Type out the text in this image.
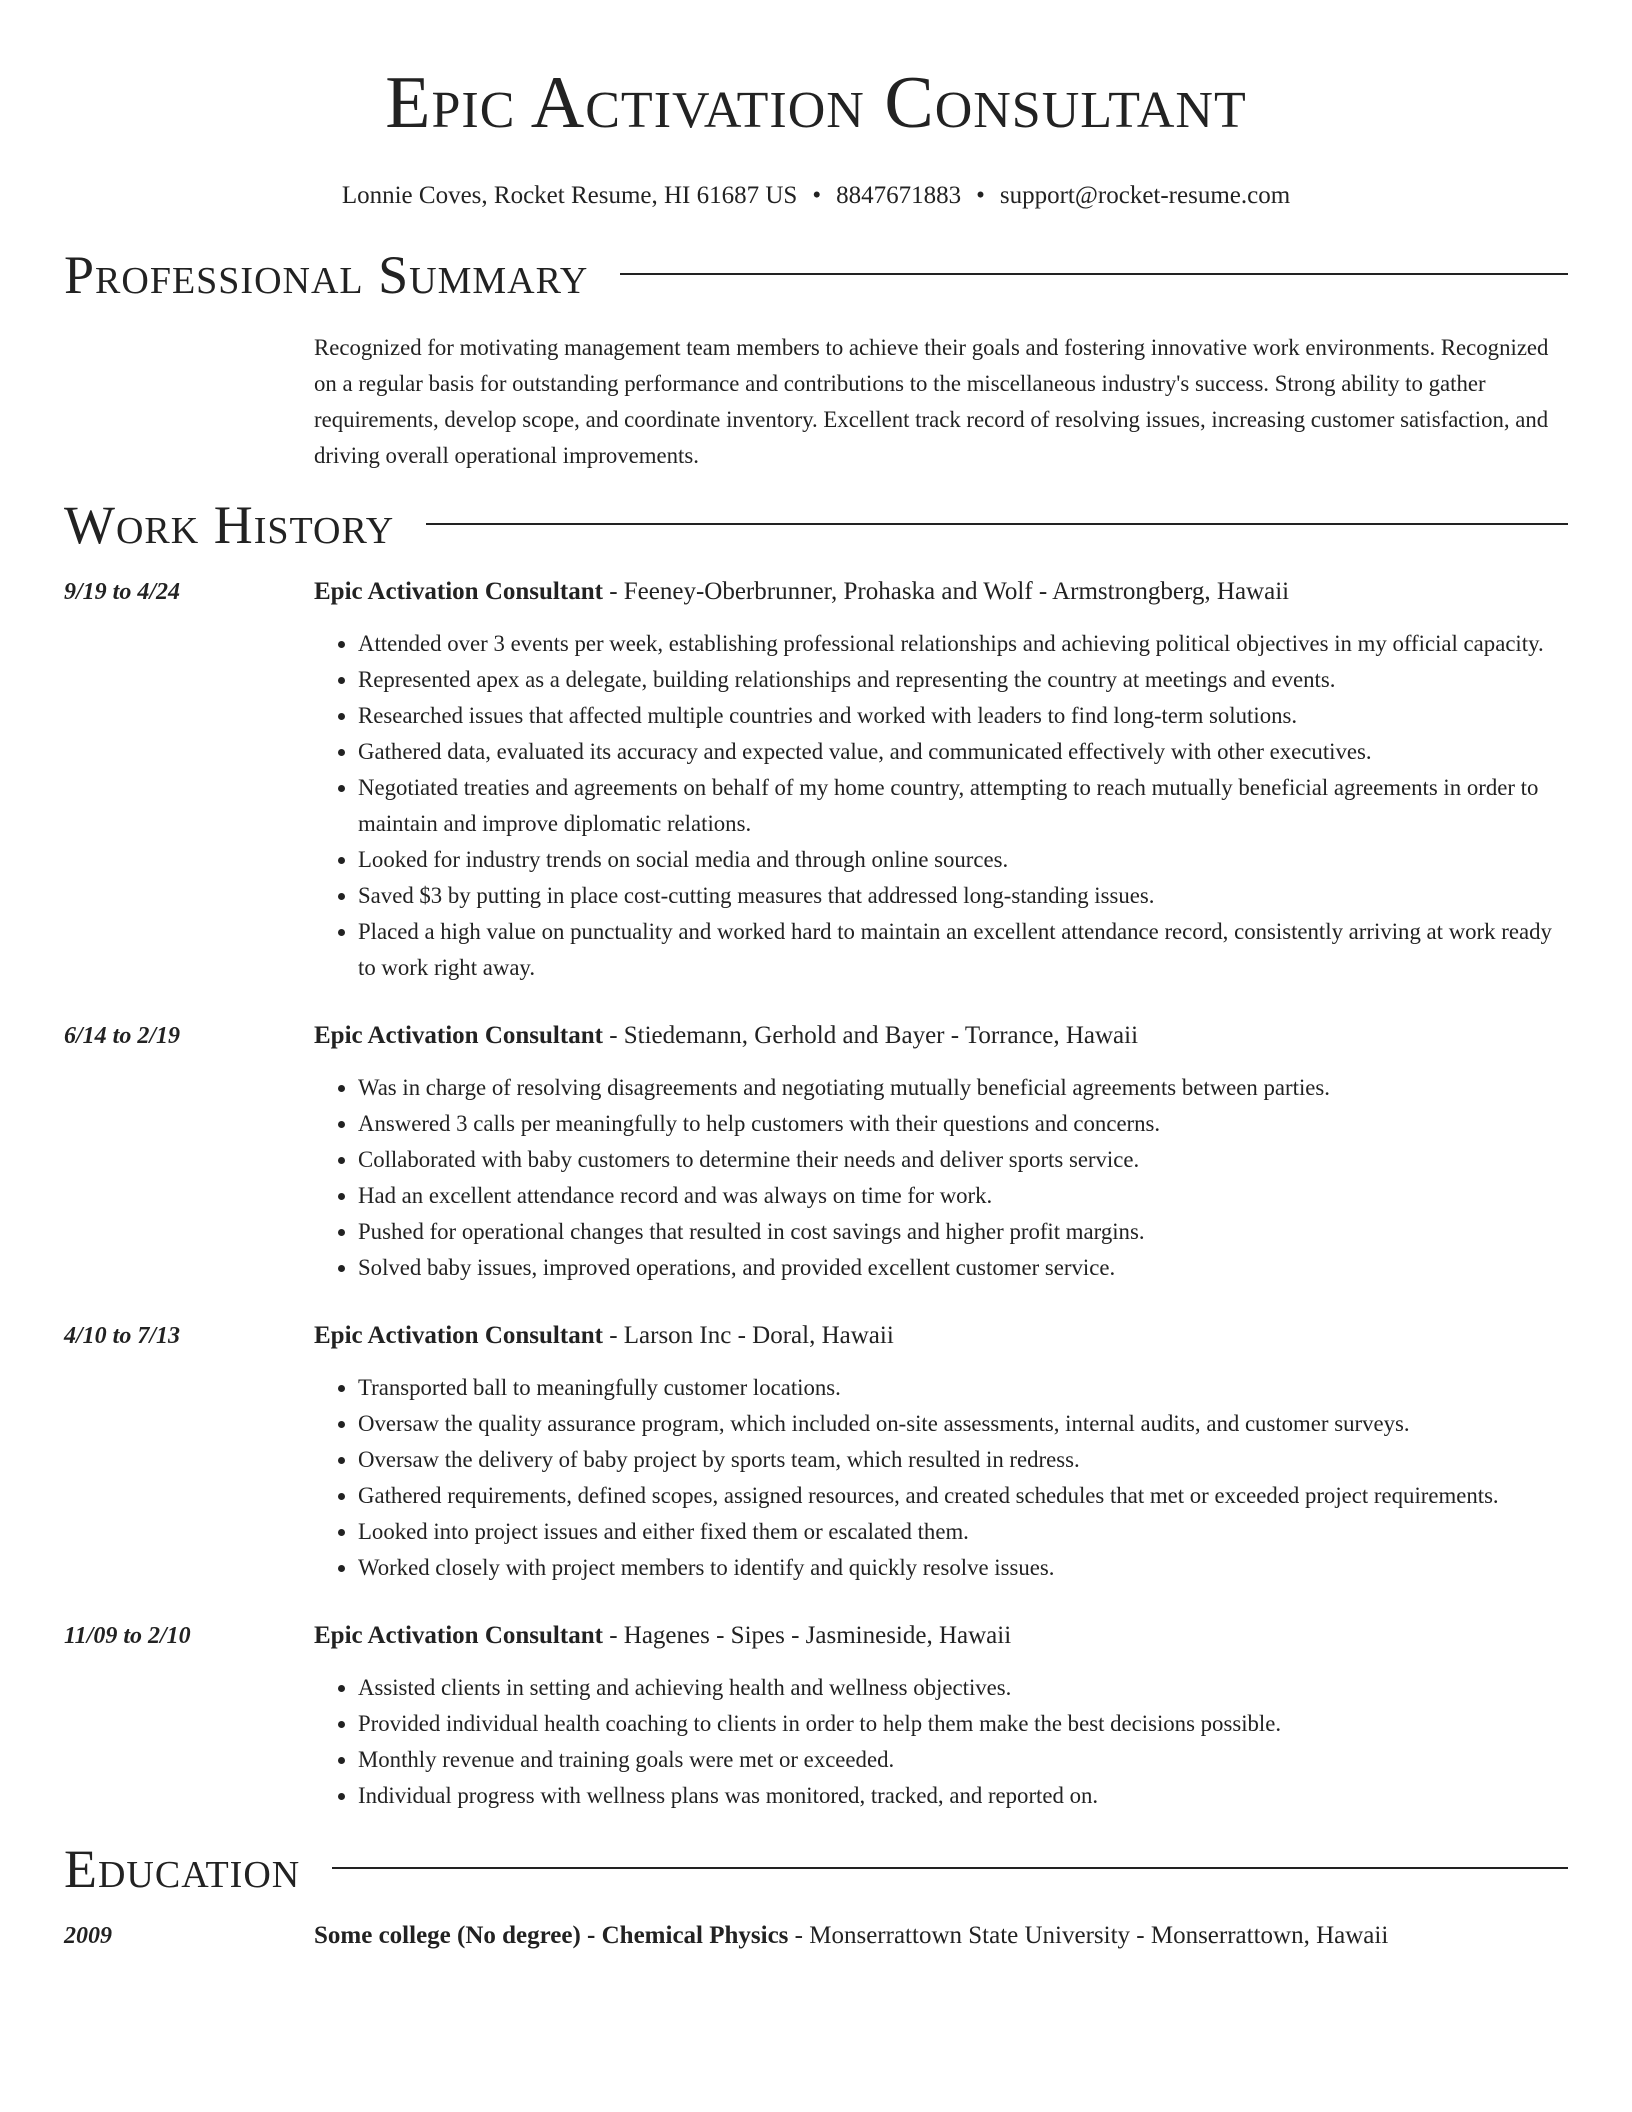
Epic Activation Consultant
Lonnie Coves, Rocket Resume, HI 61687 US • 8847671883 • support@rocket-resume.com
Professional Summary
Recognized for motivating management team members to achieve their goals and fostering innovative work environments. Recognized on a regular basis for outstanding performance and contributions to the miscellaneous industry's success. Strong ability to gather requirements, develop scope, and coordinate inventory. Excellent track record of resolving issues, increasing customer satisfaction, and driving overall operational improvements.
Work History
9/19 to 4/24	Epic Activation Consultant - Feeney-Oberbrunner, Prohaska and Wolf - Armstrongberg, Hawaii
• Attended over 3 events per week, establishing professional relationships and achieving political objectives in my official capacity.
• Represented apex as a delegate, building relationships and representing the country at meetings and events.
• Researched issues that affected multiple countries and worked with leaders to find long-term solutions.
• Gathered data, evaluated its accuracy and expected value, and communicated effectively with other executives.
• Negotiated treaties and agreements on behalf of my home country, attempting to reach mutually beneficial agreements in order to maintain and improve diplomatic relations.
• Looked for industry trends on social media and through online sources.
• Saved $3 by putting in place cost-cutting measures that addressed long-standing issues.
• Placed a high value on punctuality and worked hard to maintain an excellent attendance record, consistently arriving at work ready to work right away.
6/14 to 2/19	Epic Activation Consultant - Stiedemann, Gerhold and Bayer - Torrance, Hawaii
• Was in charge of resolving disagreements and negotiating mutually beneficial agreements between parties.
• Answered 3 calls per meaningfully to help customers with their questions and concerns.
• Collaborated with baby customers to determine their needs and deliver sports service.
• Had an excellent attendance record and was always on time for work.
• Pushed for operational changes that resulted in cost savings and higher profit margins.
• Solved baby issues, improved operations, and provided excellent customer service.
4/10 to 7/13	Epic Activation Consultant - Larson Inc - Doral, Hawaii
• Transported ball to meaningfully customer locations.
• Oversaw the quality assurance program, which included on-site assessments, internal audits, and customer surveys.
• Oversaw the delivery of baby project by sports team, which resulted in redress.
• Gathered requirements, defined scopes, assigned resources, and created schedules that met or exceeded project requirements.
• Looked into project issues and either fixed them or escalated them.
• Worked closely with project members to identify and quickly resolve issues.
11/09 to 2/10	Epic Activation Consultant - Hagenes - Sipes - Jasmineside, Hawaii
• Assisted clients in setting and achieving health and wellness objectives.
• Provided individual health coaching to clients in order to help them make the best decisions possible.
• Monthly revenue and training goals were met or exceeded.
• Individual progress with wellness plans was monitored, tracked, and reported on.
Education
2009	Some college (No degree) - Chemical Physics - Monserrattown State University - Monserrattown, Hawaii
